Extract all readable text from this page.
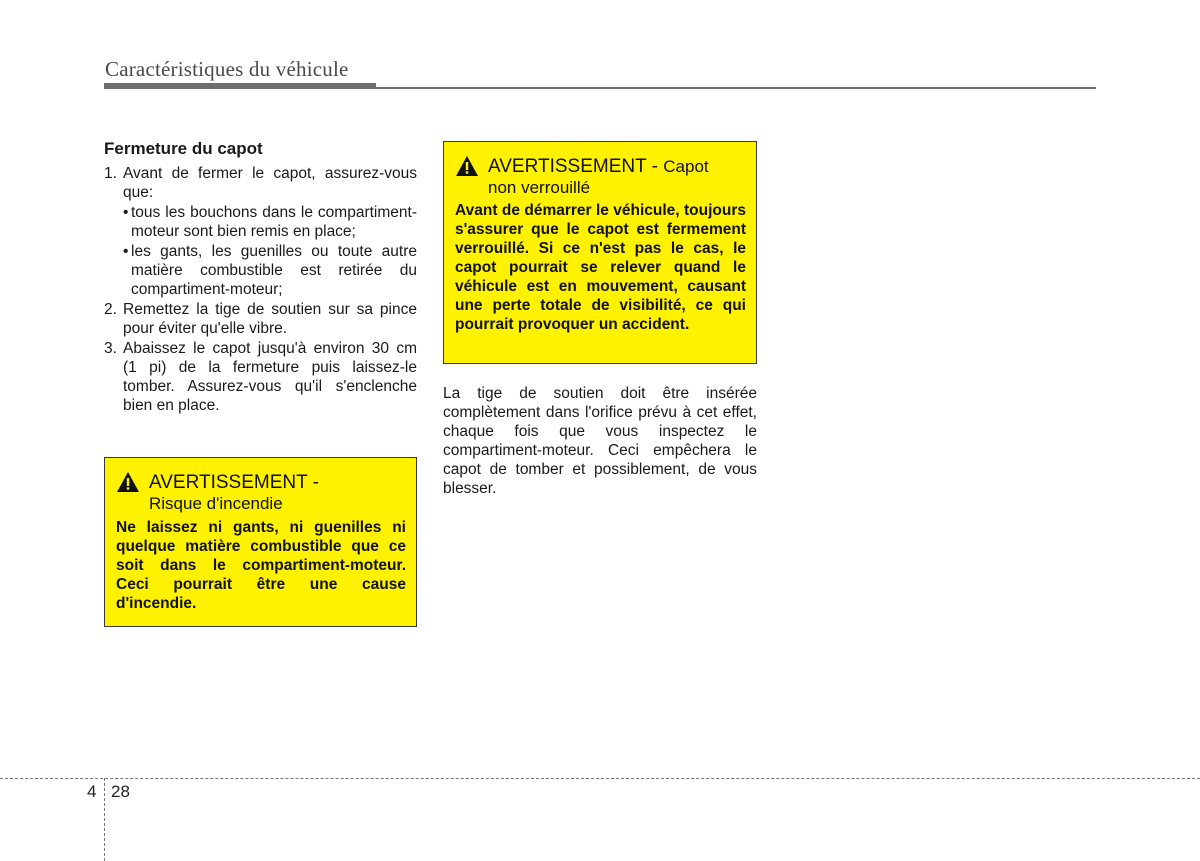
Caractéristiques du véhicule
Fermeture du capot
1. Avant de fermer le capot, assurez-vous que:
• tous les bouchons dans le compartiment-moteur sont bien remis en place;
• les gants, les guenilles ou toute autre matière combustible est retirée du compartiment-moteur;
2. Remettez la tige de soutien sur sa pince pour éviter qu'elle vibre.
3. Abaissez le capot jusqu'à environ 30 cm (1 pi) de la fermeture puis laissez-le tomber. Assurez-vous qu'il s'enclenche bien en place.
AVERTISSEMENT -
Risque d'incendie
Ne laissez ni gants, ni guenilles ni quelque matière combustible que ce soit dans le compartiment-moteur. Ceci pourrait être une cause d'incendie.
AVERTISSEMENT - Capot
non verrouillé
Avant de démarrer le véhicule, toujours s'assurer que le capot est fermement verrouillé. Si ce n'est pas le cas, le capot pourrait se relever quand le véhicule est en mouvement, causant une perte totale de visibilité, ce qui pourrait provoquer un accident.
La tige de soutien doit être insérée complètement dans l'orifice prévu à cet effet, chaque fois que vous inspectez le compartiment-moteur. Ceci empêchera le capot de tomber et possiblement, de vous blesser.
4 28
